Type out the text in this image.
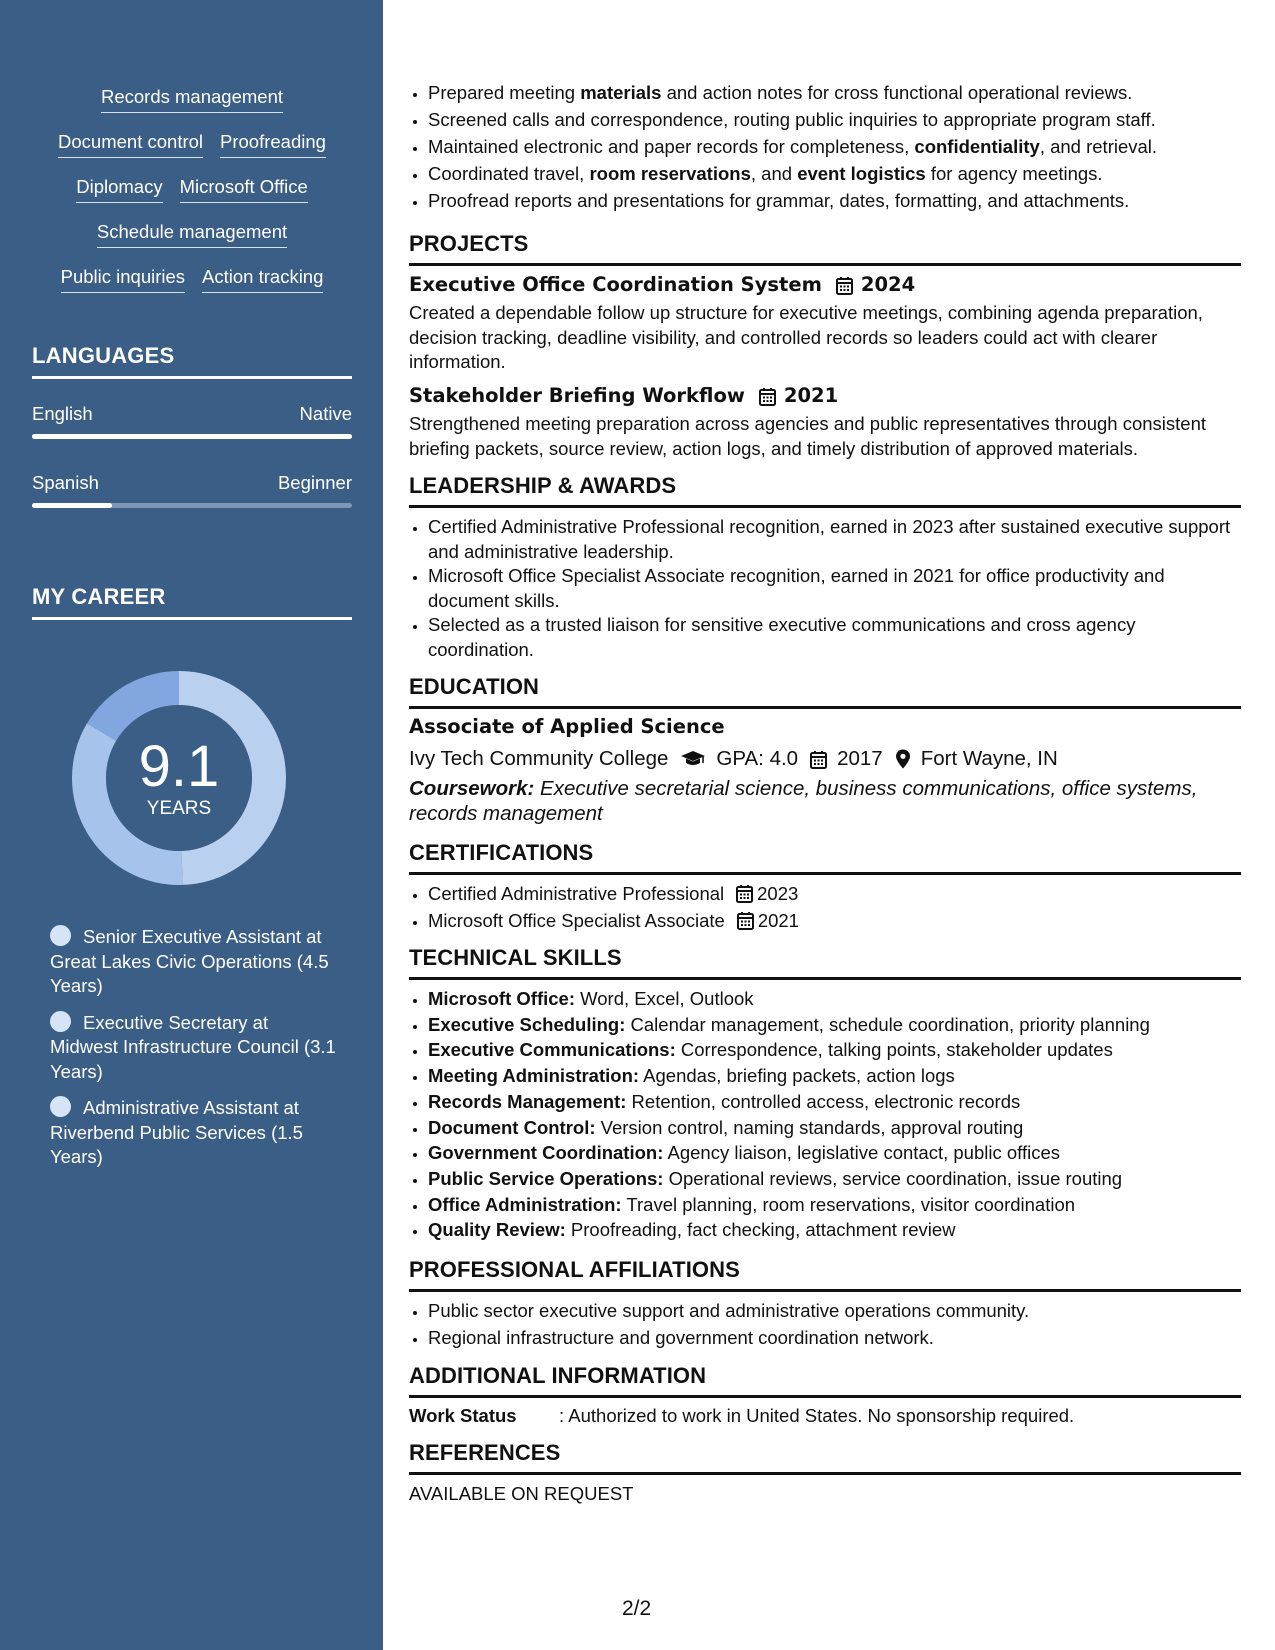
Records management
Document control Proofreading
Diplomacy Microsoft Office
Schedule management
Public inquiries Action tracking
LANGUAGES
English	Native
Spanish	Beginner
MY CAREER
9.1
YEARS
Senior Executive Assistant at Great Lakes Civic Operations (4.5 Years)
Executive Secretary at Midwest Infrastructure Council (3.1 Years)
Administrative Assistant at Riverbend Public Services (1.5 Years)
• Prepared meeting materials and action notes for cross functional operational reviews.
• Screened calls and correspondence, routing public inquiries to appropriate program staff.
• Maintained electronic and paper records for completeness, confidentiality, and retrieval.
• Coordinated travel, room reservations, and event logistics for agency meetings.
• Proofread reports and presentations for grammar, dates, formatting, and attachments.
PROJECTS
Executive Office Coordination System 2024
Created a dependable follow up structure for executive meetings, combining agenda preparation, decision tracking, deadline visibility, and controlled records so leaders could act with clearer information.
Stakeholder Briefing Workflow 2021
Strengthened meeting preparation across agencies and public representatives through consistent briefing packets, source review, action logs, and timely distribution of approved materials.
LEADERSHIP & AWARDS
• Certified Administrative Professional recognition, earned in 2023 after sustained executive support and administrative leadership.
• Microsoft Office Specialist Associate recognition, earned in 2021 for office productivity and document skills.
• Selected as a trusted liaison for sensitive executive communications and cross agency coordination.
EDUCATION
Associate of Applied Science
Ivy Tech Community College GPA: 4.0 2017 Fort Wayne, IN
Coursework: Executive secretarial science, business communications, office systems, records management
CERTIFICATIONS
• Certified Administrative Professional 2023
• Microsoft Office Specialist Associate 2021
TECHNICAL SKILLS
• Microsoft Office: Word, Excel, Outlook
• Executive Scheduling: Calendar management, schedule coordination, priority planning
• Executive Communications: Correspondence, talking points, stakeholder updates
• Meeting Administration: Agendas, briefing packets, action logs
• Records Management: Retention, controlled access, electronic records
• Document Control: Version control, naming standards, approval routing
• Government Coordination: Agency liaison, legislative contact, public offices
• Public Service Operations: Operational reviews, service coordination, issue routing
• Office Administration: Travel planning, room reservations, visitor coordination
• Quality Review: Proofreading, fact checking, attachment review
PROFESSIONAL AFFILIATIONS
• Public sector executive support and administrative operations community.
• Regional infrastructure and government coordination network.
ADDITIONAL INFORMATION
Work Status	: Authorized to work in United States. No sponsorship required.
REFERENCES
AVAILABLE ON REQUEST
2/2
